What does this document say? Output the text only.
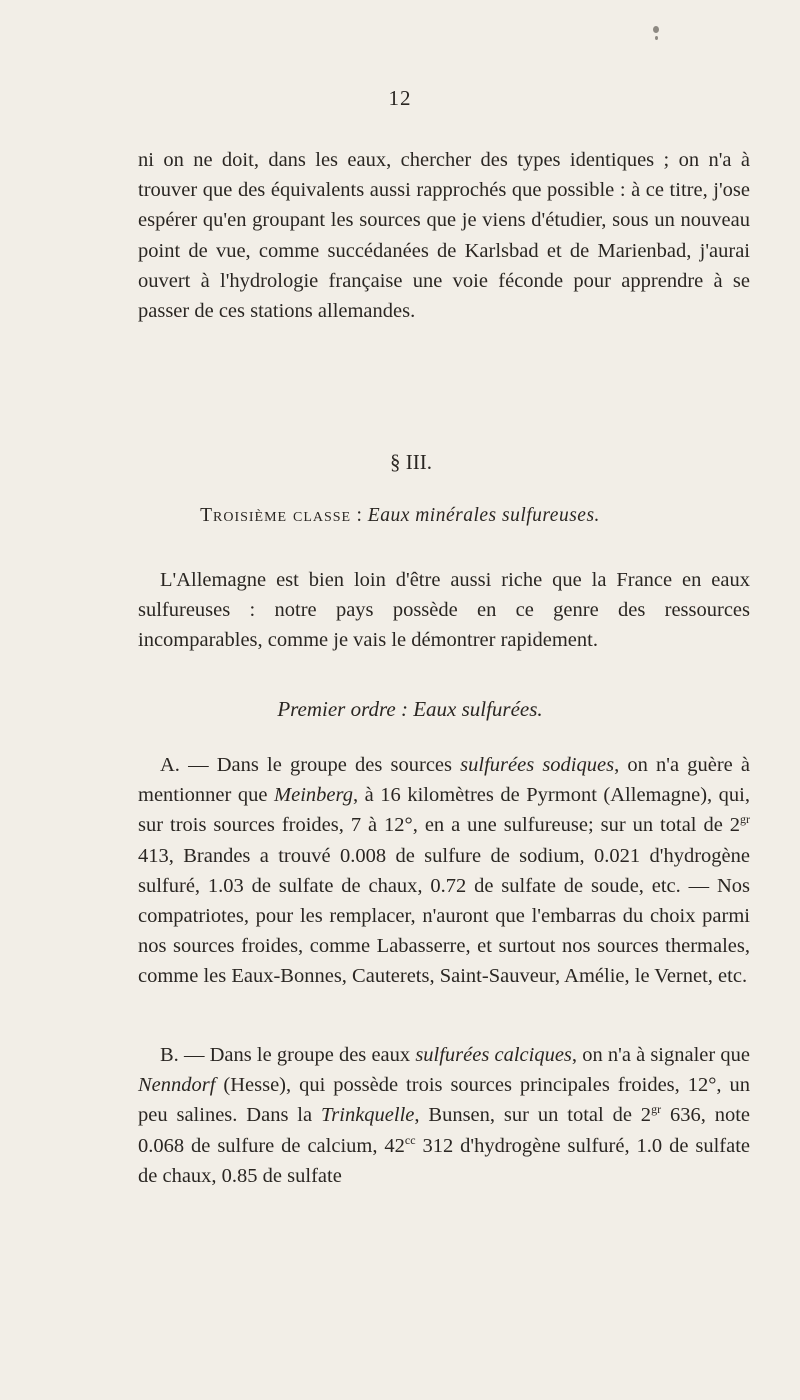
12

ni on ne doit, dans les eaux, chercher des types identiques ; on n'a à trouver que des équivalents aussi rapprochés que possible : à ce titre, j'ose espérer qu'en groupant les sources que je viens d'étudier, sous un nouveau point de vue, comme succédanées de Karlsbad et de Marienbad, j'aurai ouvert à l'hydrologie française une voie féconde pour apprendre à se passer de ces stations allemandes.

§ III.
Troisième classe : Eaux minérales sulfureuses.

L'Allemagne est bien loin d'être aussi riche que la France en eaux sulfureuses : notre pays possède en ce genre des ressources incomparables, comme je vais le démontrer rapidement.

Premier ordre : Eaux sulfurées.

A. — Dans le groupe des sources sulfurées sodiques, on n'a guère à mentionner que Meinberg, à 16 kilomètres de Pyrmont (Allemagne), qui, sur trois sources froides, 7 à 12°, en a une sulfureuse; sur un total de $2^{gr}$ 413, Brandes a trouvé 0.008 de sulfure de sodium, 0.021 d'hydrogène sulfuré, 1.03 de sulfate de chaux, 0.72 de sulfate de soude, etc. — Nos compatriotes, pour les remplacer, n'auront que l'embarras du choix parmi nos sources froides, comme Labasserre, et surtout nos sources thermales, comme les Eaux-Bonnes, Cauterets, Saint-Sauveur, Amélie, le Vernet, etc.

B. — Dans le groupe des eaux sulfurées calciques, on n'a à signaler que Nenndorf (Hesse), qui possède trois sources principales froides, 12°, un peu salines. Dans la Trinkquelle, Bunsen, sur un total de $2^{gr}$ 636, note 0.068 de sulfure de calcium, $42^{cc}$ 312 d'hydrogène sulfuré, 1.0 de sulfate de chaux, 0.85 de sulfate
